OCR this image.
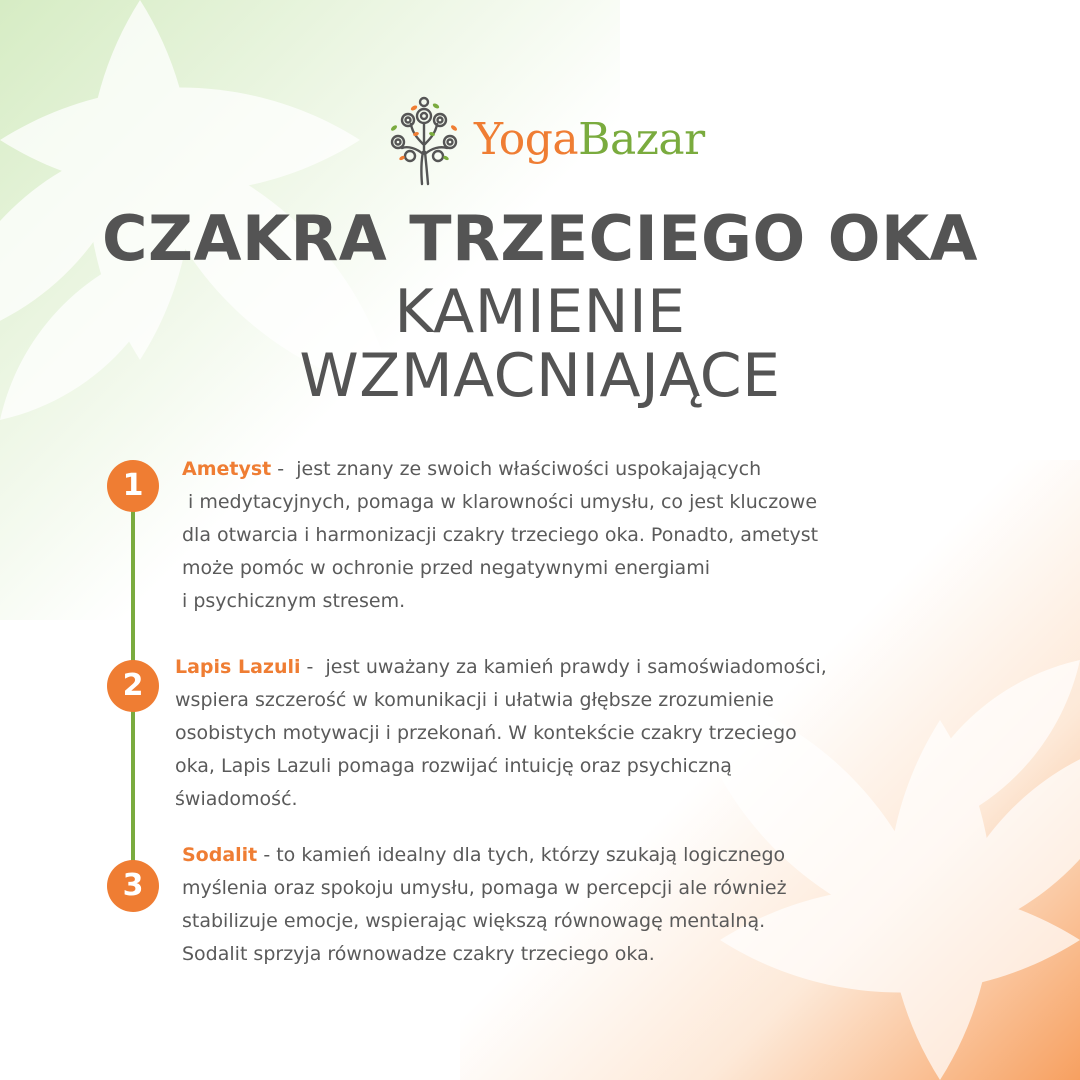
YogaBazar
CZAKRA TRZECIEGO OKA
KAMIENIE
WZMACNIAJĄCE
1
2
3
Ametyst -  jest znany ze swoich właściwości uspokajających
i medytacyjnych, pomaga w klarowności umysłu, co jest kluczowe
dla otwarcia i harmonizacji czakry trzeciego oka. Ponadto, ametyst
może pomóc w ochronie przed negatywnymi energiami
i psychicznym stresem.
Lapis Lazuli -  jest uważany za kamień prawdy i samoświadomości,
wspiera szczerość w komunikacji i ułatwia głębsze zrozumienie
osobistych motywacji i przekonań. W kontekście czakry trzeciego
oka, Lapis Lazuli pomaga rozwijać intuicję oraz psychiczną
świadomość.
Sodalit - to kamień idealny dla tych, którzy szukają logicznego
myślenia oraz spokoju umysłu, pomaga w percepcji ale również
stabilizuje emocje, wspierając większą równowagę mentalną.
Sodalit sprzyja równowadze czakry trzeciego oka.
